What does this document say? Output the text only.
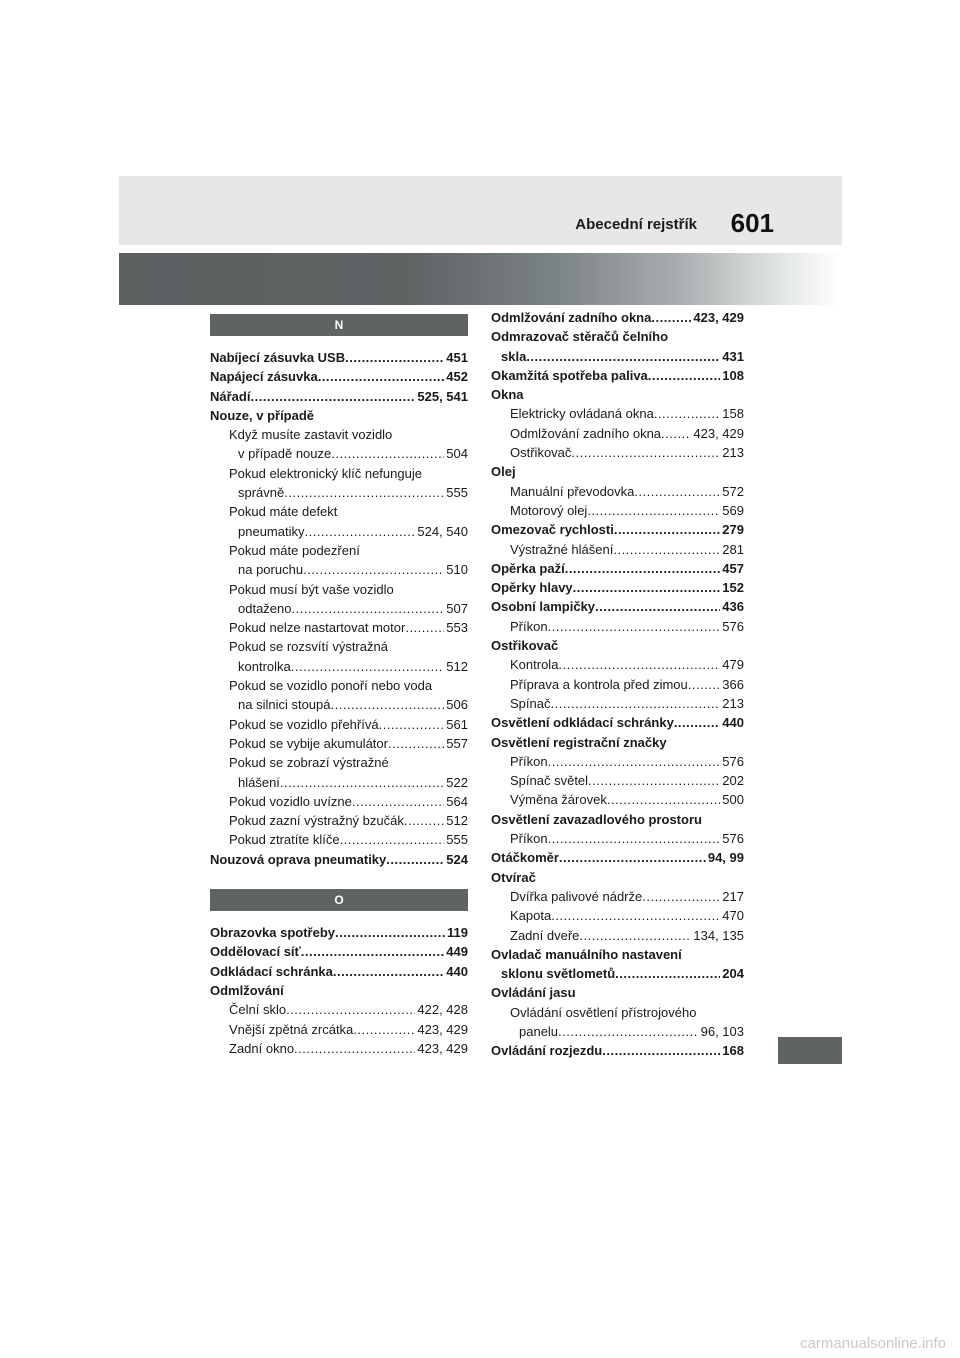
Abecední rejstřík 601
N
Nabíjecí zásuvka USB .....	451
Napájecí zásuvka .....	452
Nářadí .....	525, 541
Nouze, v případě
Když musíte zastavit vozidlo
v případě nouze .....	504
Pokud elektronický klíč nefunguje
správně .....	555
Pokud máte defekt
pneumatiky .....	524, 540
Pokud máte podezření
na poruchu .....	510
Pokud musí být vaše vozidlo
odtaženo .....	507
Pokud nelze nastartovat motor .....	553
Pokud se rozsvítí výstražná
kontrolka .....	512
Pokud se vozidlo ponoří nebo voda
na silnici stoupá .....	506
Pokud se vozidlo přehřívá .....	561
Pokud se vybije akumulátor .....	557
Pokud se zobrazí výstražné
hlášení .....	522
Pokud vozidlo uvízne .....	564
Pokud zazní výstražný bzučák .....	512
Pokud ztratíte klíče .....	555
Nouzová oprava pneumatiky .....	524
O
Obrazovka spotřeby .....	119
Oddělovací síť .....	449
Odkládací schránka .....	440
Odmlžování
Čelní sklo .....	422, 428
Vnější zpětná zrcátka .....	423, 429
Zadní okno .....	423, 429
Odmlžování zadního okna .....	423, 429
Odmrazovač stěračů čelního
skla .....	431
Okamžitá spotřeba paliva .....	108
Okna
Elektricky ovládaná okna .....	158
Odmlžování zadního okna ..... 423, 429
Ostřikovač .....	213
Olej
Manuální převodovka .....	572
Motorový olej .....	569
Omezovač rychlosti .....	279
Výstražné hlášení .....	281
Opěrka paží .....	457
Opěrky hlavy .....	152
Osobní lampičky .....	436
Příkon .....	576
Ostřikovač
Kontrola .....	479
Příprava a kontrola před zimou .....	366
Spínač .....	213
Osvětlení odkládací schránky .....	440
Osvětlení registrační značky
Příkon .....	576
Spínač světel .....	202
Výměna žárovek .....	500
Osvětlení zavazadlového prostoru
Příkon .....	576
Otáčkoměr .....	94, 99
Otvírač
Dvířka palivové nádrže .....	217
Kapota .....	470
Zadní dveře .....	134, 135
Ovladač manuálního nastavení
sklonu světlometů .....	204
Ovládání jasu
Ovládání osvětlení přístrojového
panelu .....	96, 103
Ovládání rozjezdu .....	168
carmanualsonline.info
